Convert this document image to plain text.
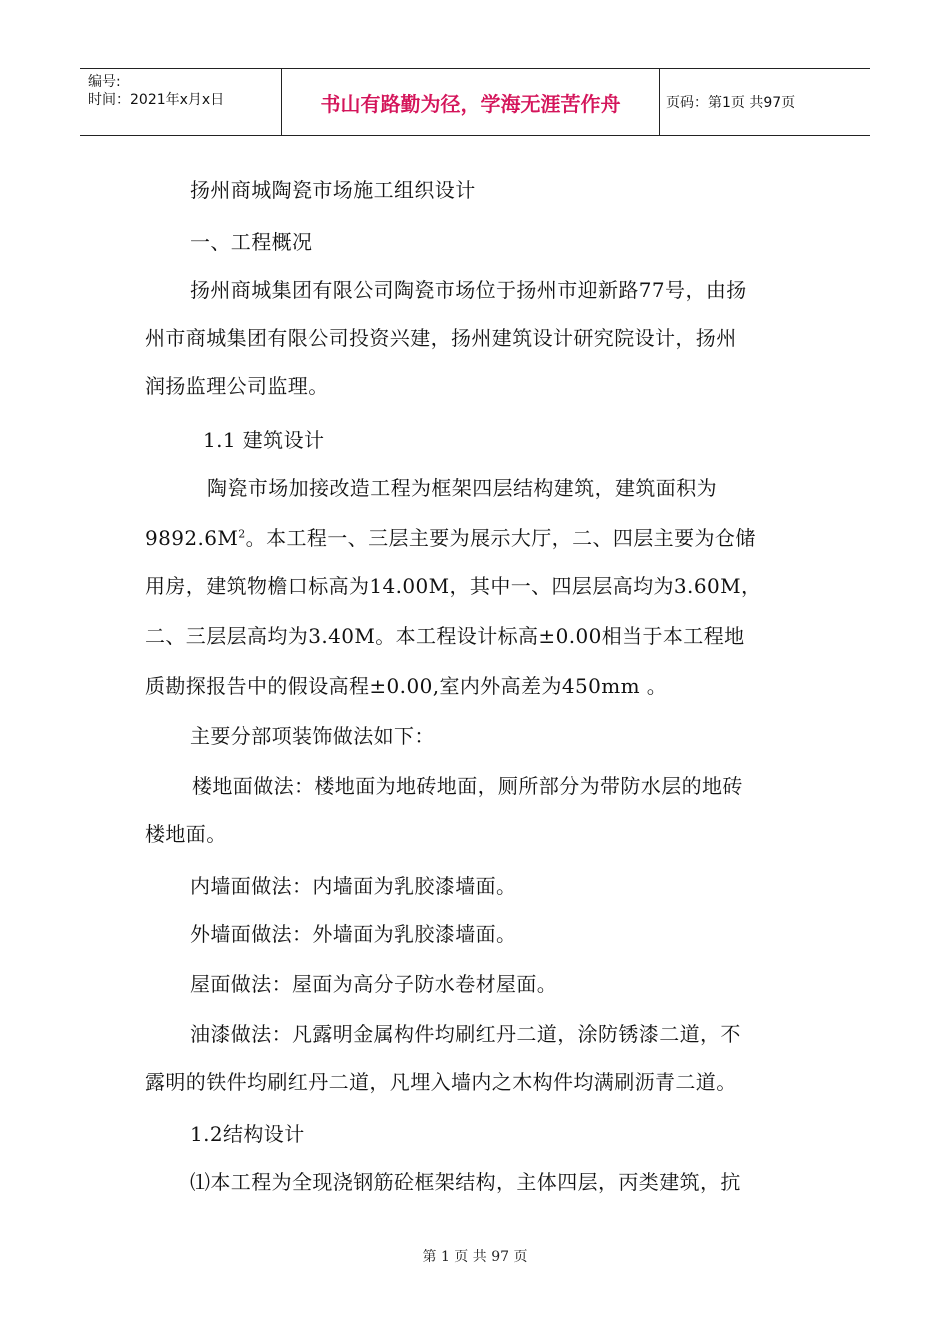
编号:
时间：2021年x月x日	书山有路勤为径，学海无涯苦作舟	页码：第1页 共97页
扬州商城陶瓷市场施工组织设计
一、工程概况
扬州商城集团有限公司陶瓷市场位于扬州市迎新路77号，由扬
州市商城集团有限公司投资兴建，扬州建筑设计研究院设计，扬州
润扬监理公司监理。
1.1 建筑设计
陶瓷市场加接改造工程为框架四层结构建筑，建筑面积为
$9892.6M^2$。本工程一、三层主要为展示大厅，二、四层主要为仓储
用房，建筑物檐口标高为14.00M，其中一、四层层高均为3.60M，
二、三层层高均为3.40M。本工程设计标高±0.00相当于本工程地
质勘探报告中的假设高程±0.00,室内外高差为450mm 。
主要分部项装饰做法如下：
楼地面做法：楼地面为地砖地面，厕所部分为带防水层的地砖
楼地面。
内墙面做法：内墙面为乳胶漆墙面。
外墙面做法：外墙面为乳胶漆墙面。
屋面做法：屋面为高分子防水卷材屋面。
油漆做法：凡露明金属构件均刷红丹二道，涂防锈漆二道，不
露明的铁件均刷红丹二道，凡埋入墙内之木构件均满刷沥青二道。
1.2结构设计
⑴本工程为全现浇钢筋砼框架结构，主体四层，丙类建筑，抗
第 1 页 共 97 页
